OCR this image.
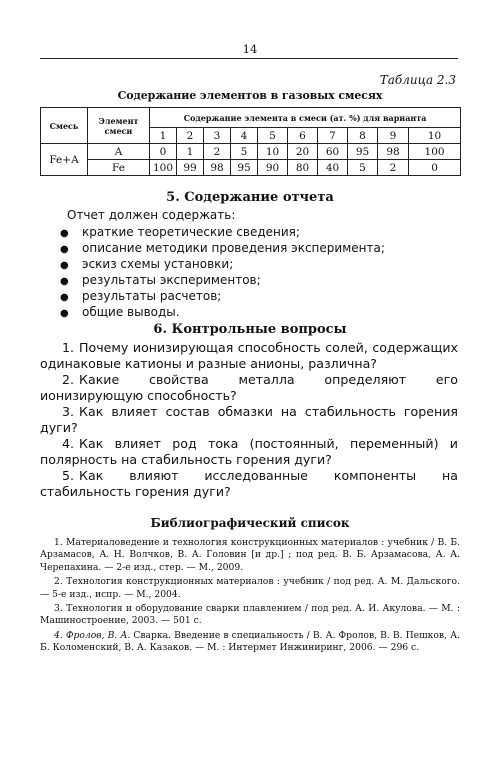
14
Таблица 2.3
Содержание элементов в газовых смесях
Смесь	Элемент смеси	Содержание элемента в смеси (ат. %) для варианта									
		1	2	3	4	5	6	7	8	9	10
Fe+A	A	0	1	2	5	10	20	60	95	98	100
	Fe	100	99	98	95	90	80	40	5	2	0
5. Содержание отчета
Отчет должен содержать:
● краткие теоретические сведения;
● описание методики проведения эксперимента;
● эскиз схемы установки;
● результаты экспериментов;
● результаты расчетов;
● общие выводы.
6. Контрольные вопросы

1. Почему ионизирующая способность солей, содержащих одинаковые катионы и разные анионы, различна?

2. Какие свойства металла определяют его ионизирующую способность?

3. Как влияет состав обмазки на стабильность горения дуги?

4. Как влияет род тока (постоянный, переменный) и полярность на стабильность горения дуги?

5. Как влияют исследованные компоненты на стабильность горения дуги?

Библиографический список

1. Материаловедение и технология конструкционных материалов : учебник / В. Б. Арзамасов, А. Н. Волчков, В. А. Головин [и др.] ; под ред. В. Б. Арзамасова, А. А. Черепахина. — 2-е изд., стер. — М., 2009.

2. Технология конструкционных материалов : учебник / под ред. А. М. Дальского. — 5-е изд., испр. — М., 2004.

3. Технология и оборудование сварки плавлением / под ред. А. И. Акулова. — М. : Машиностроение, 2003. — 501 с.

4. Фролов, В. А. Сварка. Введение в специальность / В. А. Фролов, В. В. Пешков, А. Б. Коломенский, В. А. Казаков. — М. : Интермет Инжиниринг, 2006. — 296 с.
